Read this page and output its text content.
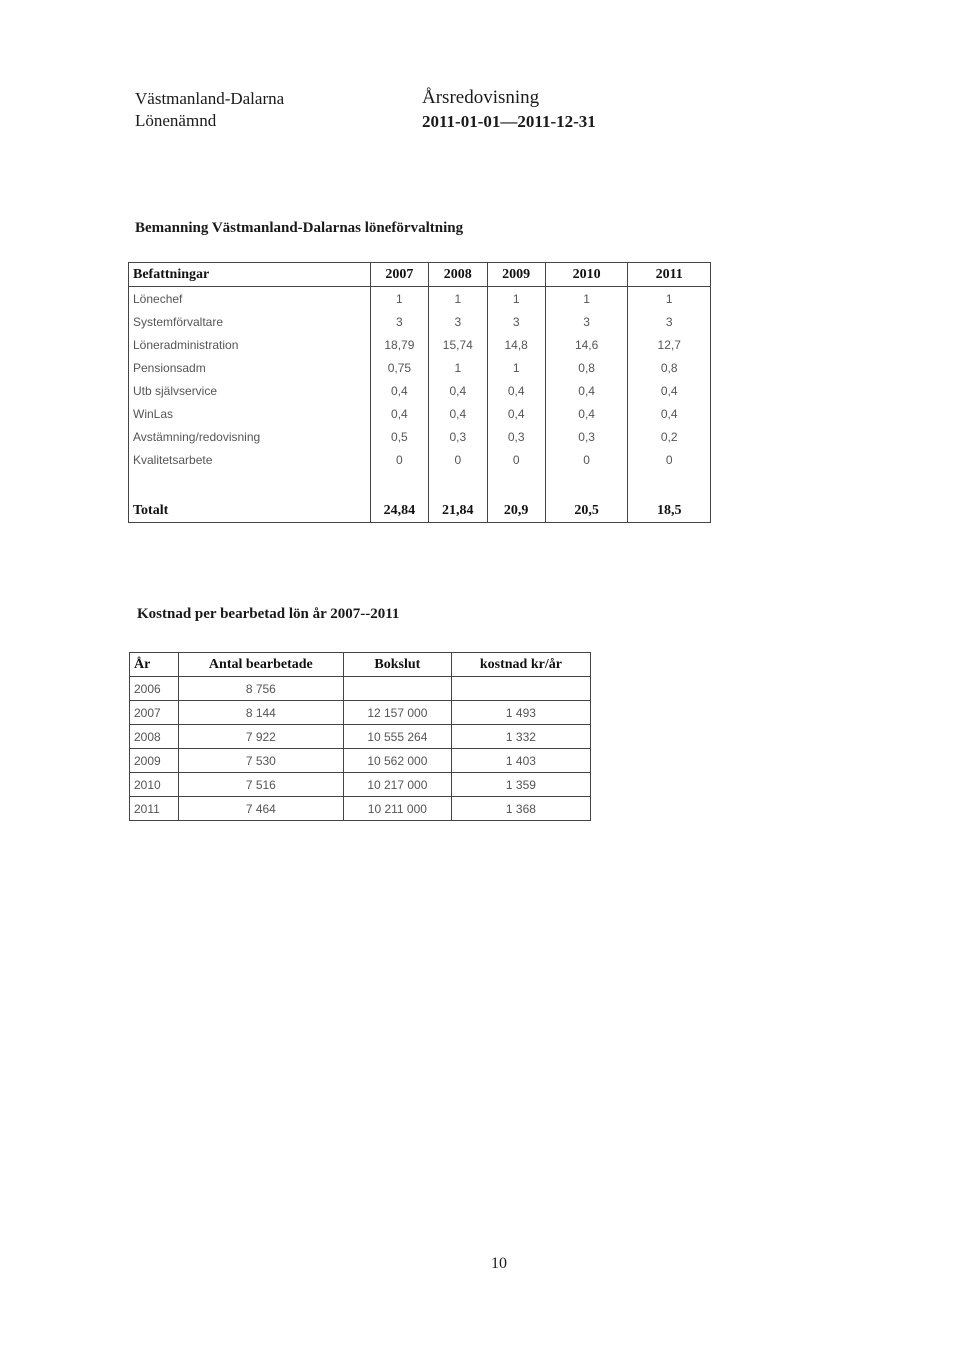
Västmanland-Dalarna
Lönenämnd
Årsredovisning
2011-01-01—2011-12-31
Bemanning Västmanland-Dalarnas löneförvaltning
Befattningar	2007	2008	2009	2010	2011
Lönechef	1	1	1	1	1
Systemförvaltare	3	3	3	3	3
Löneradministration	18,79	15,74	14,8	14,6	12,7
Pensionsadm	0,75	1	1	0,8	0,8
Utb självservice	0,4	0,4	0,4	0,4	0,4
WinLas	0,4	0,4	0,4	0,4	0,4
Avstämning/redovisning	0,5	0,3	0,3	0,3	0,2
Kvalitetsarbete	0	0	0	0	0

Totalt	24,84	21,84	20,9	20,5	18,5
Kostnad per bearbetad lön år 2007--2011
År	Antal bearbetade	Bokslut	kostnad kr/år
2006	8 756		
2007	8 144	12 157 000	1 493
2008	7 922	10 555 264	1 332
2009	7 530	10 562 000	1 403
2010	7 516	10 217 000	1 359
2011	7 464	10 211 000	1 368
10
